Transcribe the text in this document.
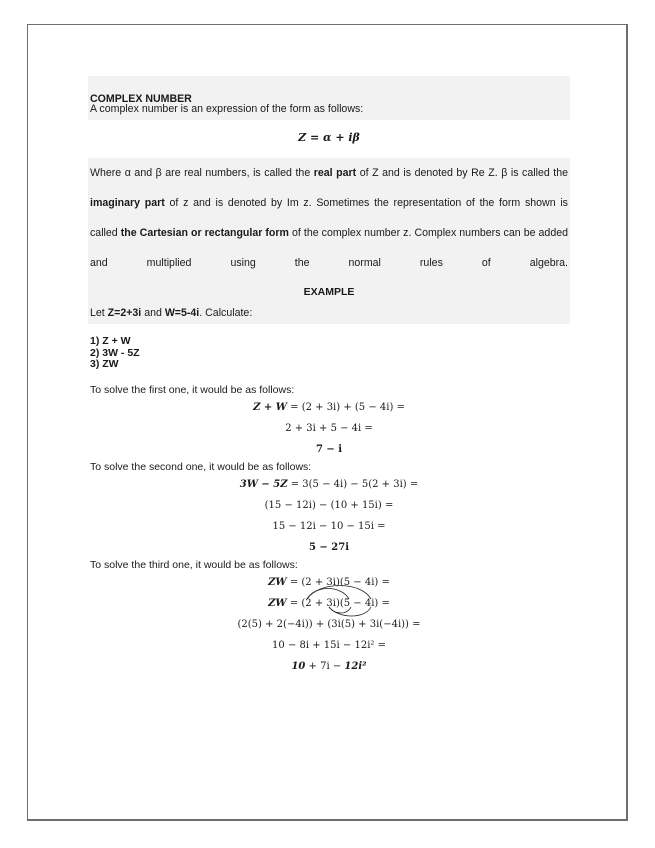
COMPLEX NUMBER
A complex number is an expression of the form as follows:
Z = α + iβ
Where α and β are real numbers, is called the real part of Z and is denoted by Re Z. β is called the imaginary part of z and is denoted by Im z. Sometimes the representation of the form shown is called the Cartesian or rectangular form of the complex number z. Complex numbers can be added and multiplied using the normal rules of algebra.
EXAMPLE
Let Z=2+3i and W=5-4i. Calculate:
1) Z + W
2) 3W - 5Z
3) ZW
To solve the first one, it would be as follows:
Z + W = (2 + 3i) + (5 − 4i) =
2 + 3i + 5 − 4i =
7 − i
To solve the second one, it would be as follows:
3W − 5Z = 3(5 − 4i) − 5(2 + 3i) =
(15 − 12i) − (10 + 15i) =
15 − 12i − 10 − 15i =
5 − 27i
To solve the third one, it would be as follows:
ZW = (2 + 3i)(5 − 4i) =
ZW = (2 + 3i)(5 − 4i)
=
(2(5) + 2(−4i)) + (3i(5) + 3i(−4i)) =
10 − 8i + 15i − 12i² =
10 + 7i − 12i²
